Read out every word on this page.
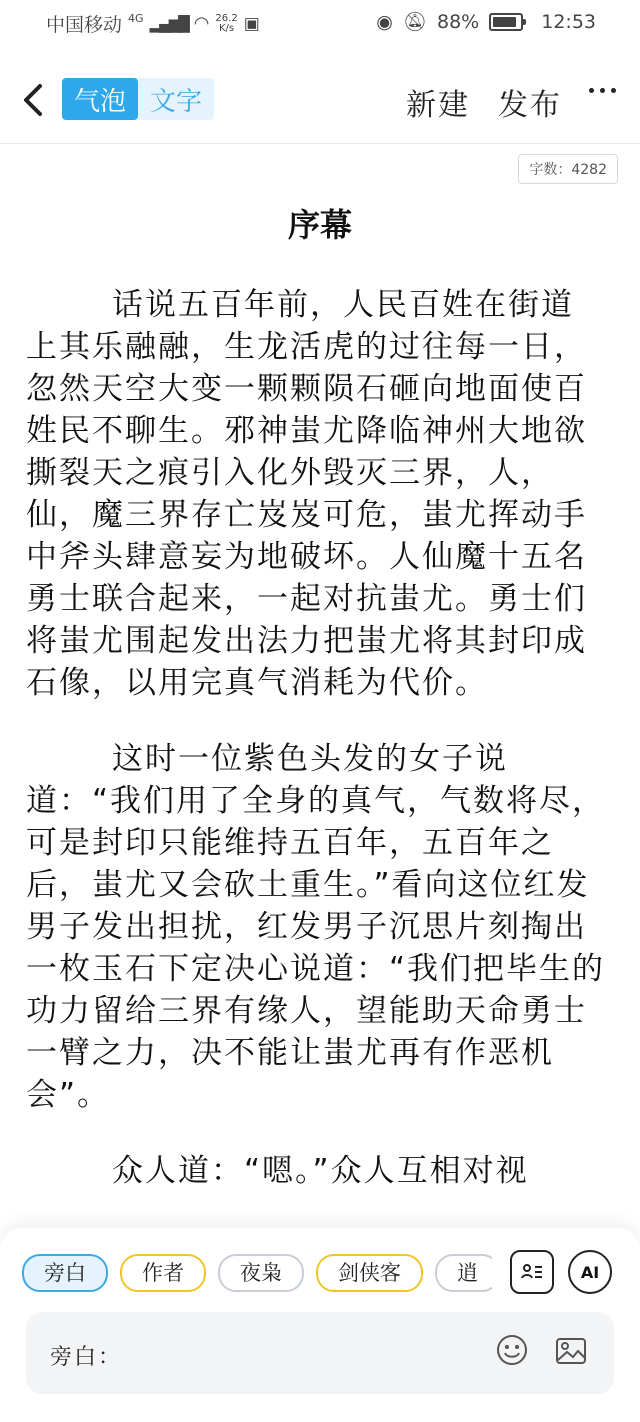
中国移动 4G ▂▄▆█ ◠ 26.2
K/s ▣	◉ 🔕︎ 88%	12:53
气泡 文字	新建 发布
字数：4282
序幕

话说五百年前，人民百姓在街道上其乐融融，生龙活虎的过往每一日，忽然天空大变一颗颗陨石砸向地面使百姓民不聊生。邪神蚩尤降临神州大地欲撕裂天之痕引入化外毁灭三界，人，仙，魔三界存亡岌岌可危，蚩尤挥动手中斧头肆意妄为地破坏。人仙魔十五名勇士联合起来，一起对抗蚩尤。勇士们将蚩尤围起发出法力把蚩尤将其封印成石像，以用完真气消耗为代价。

这时一位紫色头发的女子说道：“我们用了全身的真气，气数将尽，可是封印只能维持五百年，五百年之后，蚩尤又会砍土重生。”看向这位红发男子发出担扰，红发男子沉思片刻掏出一枚玉石下定决心说道：“我们把毕生的功力留给三界有缘人，望能助天命勇士一臂之力，决不能让蚩尤再有作恶机会”。

众人道：“嗯。”众人互相对视

旁白	作者	夜枭	剑侠客	逍	AI
旁白：
